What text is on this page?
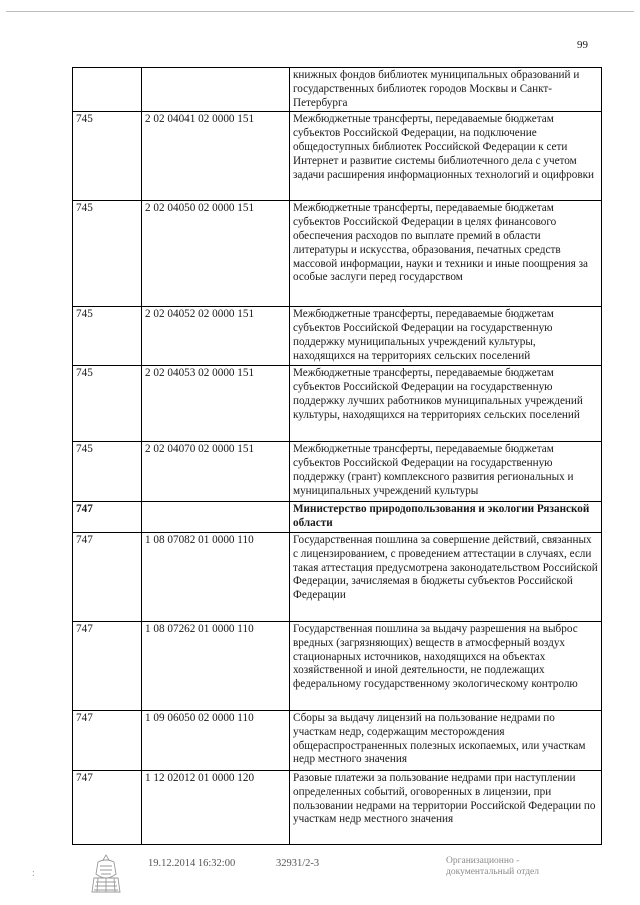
99
		книжных фондов библиотек муниципальных образований и государственных библиотек городов Москвы и Санкт-Петербурга
745	2 02 04041 02 0000 151	Межбюджетные трансферты, передаваемые бюджетам субъектов Российской Федерации, на подключение общедоступных библиотек Российской Федерации к сети Интернет и развитие системы библиотечного дела с учетом задачи расширения информационных технологий и оцифровки
745	2 02 04050 02 0000 151	Межбюджетные трансферты, передаваемые бюджетам субъектов Российской Федерации в целях финансового обеспечения расходов по выплате премий в области литературы и искусства, образования, печатных средств массовой информации, науки и техники и иные поощрения за особые заслуги перед государством
745	2 02 04052 02 0000 151	Межбюджетные трансферты, передаваемые бюджетам субъектов Российской Федерации на государственную поддержку муниципальных учреждений культуры, находящихся на территориях сельских поселений
745	2 02 04053 02 0000 151	Межбюджетные трансферты, передаваемые бюджетам субъектов Российской Федерации на государственную поддержку лучших работников муниципальных учреждений культуры, находящихся на территориях сельских поселений
745	2 02 04070 02 0000 151	Межбюджетные трансферты, передаваемые бюджетам субъектов Российской Федерации на государственную поддержку (грант) комплексного развития региональных и муниципальных учреждений культуры
747		Министерство природопользования и экологии Рязанской области
747	1 08 07082 01 0000 110	Государственная пошлина за совершение действий, связанных с лицензированием, с проведением аттестации в случаях, если такая аттестация предусмотрена законодательством Российской Федерации, зачисляемая в бюджеты субъектов Российской Федерации
747	1 08 07262 01 0000 110	Государственная пошлина за выдачу разрешения на выброс вредных (загрязняющих) веществ в атмосферный воздух стационарных источников, находящихся на объектах хозяйственной и иной деятельности, не подлежащих федеральному государственному экологическому контролю
747	1 09 06050 02 0000 110	Сборы за выдачу лицензий на пользование недрами по участкам недр, содержащим месторождения общераспространенных полезных ископаемых, или участкам недр местного значения
747	1 12 02012 01 0000 120	Разовые платежи за пользование недрами при наступлении определенных событий, оговоренных в лицензии, при пользовании недрами на территории Российской Федерации по участкам недр местного значения
:
19.12.2014 16:32:00	32931/2-3	Организационно -
документальный отдел
